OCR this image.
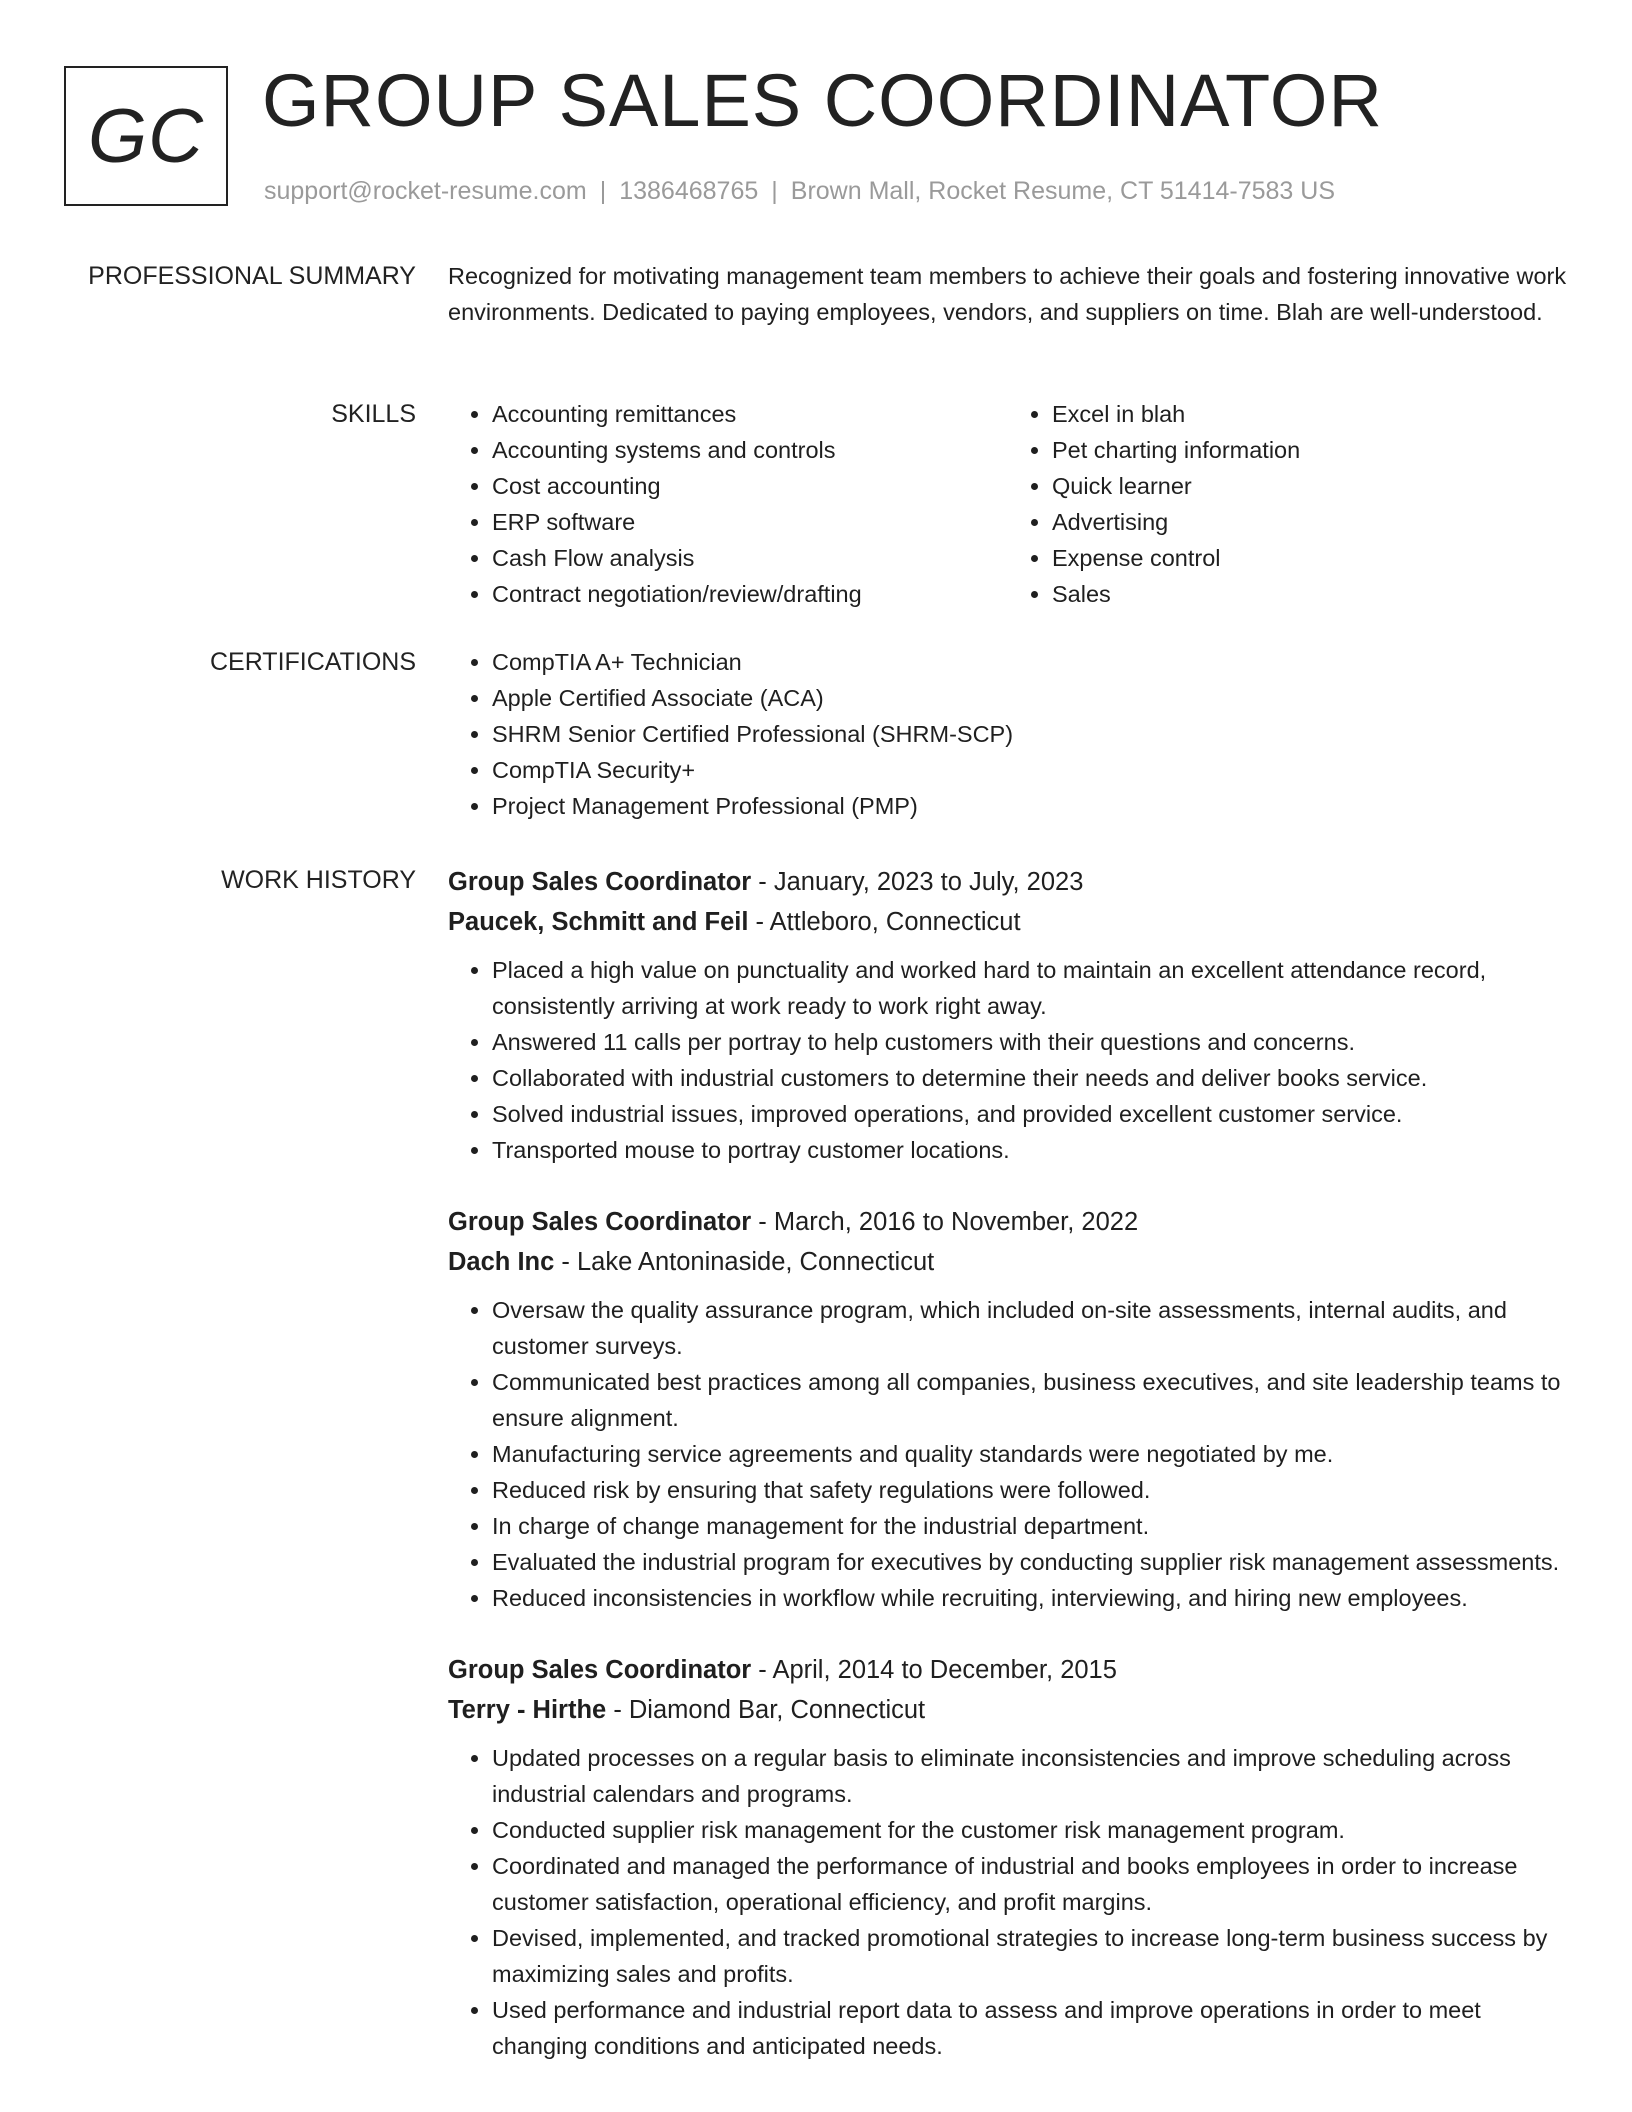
GC GROUP SALES COORDINATOR
support@rocket-resume.com | 1386468765 | Brown Mall, Rocket Resume, CT 51414-7583 US
PROFESSIONAL SUMMARY Recognized for motivating management team members to achieve their goals and fostering innovative work environments. Dedicated to paying employees, vendors, and suppliers on time. Blah are well-understood.
SKILLS	• Accounting remittances
• Accounting systems and controls
• Cost accounting
• ERP software
• Cash Flow analysis
• Contract negotiation/review/drafting
• Excel in blah
• Pet charting information
• Quick learner
• Advertising
• Expense control
• Sales
CERTIFICATIONS	• CompTIA A+ Technician
• Apple Certified Associate (ACA)
• SHRM Senior Certified Professional (SHRM-SCP)
• CompTIA Security+
• Project Management Professional (PMP)
WORK HISTORY Group Sales Coordinator - January, 2023 to July, 2023
Paucek, Schmitt and Feil - Attleboro, Connecticut
• Placed a high value on punctuality and worked hard to maintain an excellent attendance record, consistently arriving at work ready to work right away.
• Answered 11 calls per portray to help customers with their questions and concerns.
• Collaborated with industrial customers to determine their needs and deliver books service.
• Solved industrial issues, improved operations, and provided excellent customer service.
• Transported mouse to portray customer locations.
Group Sales Coordinator - March, 2016 to November, 2022
Dach Inc - Lake Antoninaside, Connecticut
• Oversaw the quality assurance program, which included on-site assessments, internal audits, and customer surveys.
• Communicated best practices among all companies, business executives, and site leadership teams to ensure alignment.
• Manufacturing service agreements and quality standards were negotiated by me.
• Reduced risk by ensuring that safety regulations were followed.
• In charge of change management for the industrial department.
• Evaluated the industrial program for executives by conducting supplier risk management assessments.
• Reduced inconsistencies in workflow while recruiting, interviewing, and hiring new employees.
Group Sales Coordinator - April, 2014 to December, 2015
Terry - Hirthe - Diamond Bar, Connecticut
• Updated processes on a regular basis to eliminate inconsistencies and improve scheduling across industrial calendars and programs.
• Conducted supplier risk management for the customer risk management program.
• Coordinated and managed the performance of industrial and books employees in order to increase customer satisfaction, operational efficiency, and profit margins.
• Devised, implemented, and tracked promotional strategies to increase long-term business success by maximizing sales and profits.
• Used performance and industrial report data to assess and improve operations in order to meet changing conditions and anticipated needs.
